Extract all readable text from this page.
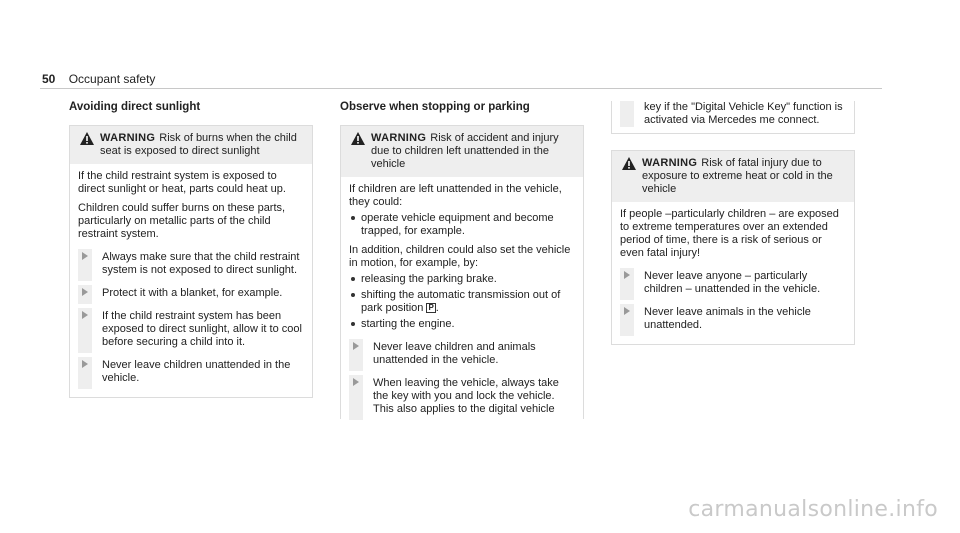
50 Occupant safety
Avoiding direct sunlight
WARNING Risk of burns when the child seat is exposed to direct sunlight

If the child restraint system is exposed to direct sunlight or heat, parts could heat up.

Children could suffer burns on these parts, particularly on metallic parts of the child restraint system.

Always make sure that the child restraint system is not exposed to direct sunlight.
Protect it with a blanket, for example.
If the child restraint system has been exposed to direct sunlight, allow it to cool before securing a child into it.
Never leave children unattended in the vehicle.
Observe when stopping or parking
WARNING Risk of accident and injury due to children left unattended in the vehicle

If children are left unattended in the vehicle, they could:

operate vehicle equipment and become trapped, for example.

In addition, children could also set the vehicle in motion, for example, by:

releasing the parking brake.
shifting the automatic transmission out of park position P .
starting the engine.
Never leave children and animals unattended in the vehicle.
When leaving the vehicle, always take the key with you and lock the vehicle. This also applies to the digital vehicle
key if the "Digital Vehicle Key" function is activated via Mercedes me connect.
WARNING Risk of fatal injury due to exposure to extreme heat or cold in the vehicle

If people –particularly children – are exposed to extreme temperatures over an extended period of time, there is a risk of serious or even fatal injury!

Never leave anyone – particularly children – unattended in the vehicle.
Never leave animals in the vehicle unattended.
carmanualsonline.info
